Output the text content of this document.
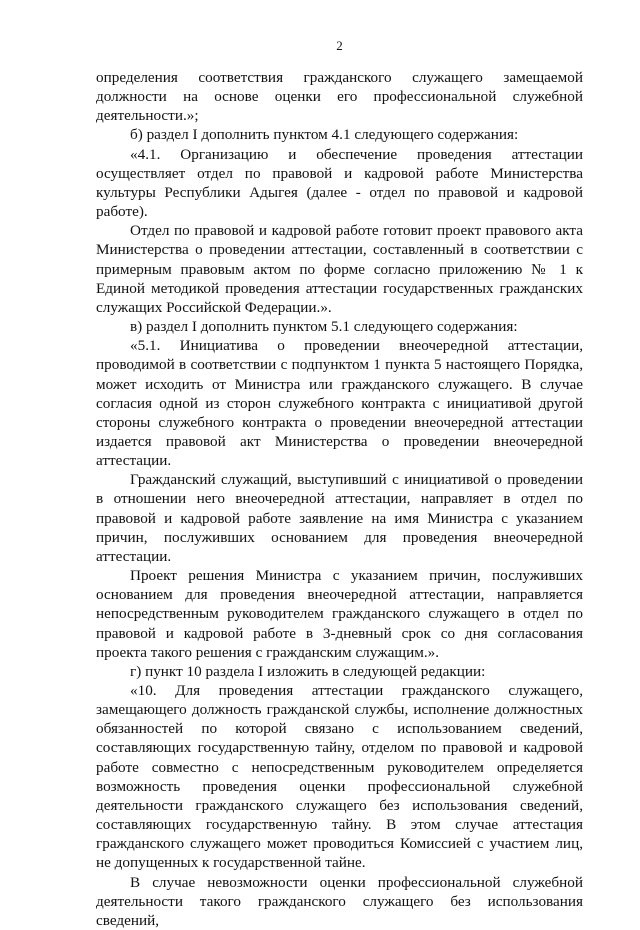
2

определения соответствия гражданского служащего замещаемой должности на основе оценки его профессиональной служебной деятельности.»;

б) раздел I дополнить пунктом 4.1 следующего содержания:

«4.1. Организацию и обеспечение проведения аттестации осуществляет отдел по правовой и кадровой работе Министерства культуры Республики Адыгея (далее - отдел по правовой и кадровой работе).

Отдел по правовой и кадровой работе готовит проект правового акта Министерства о проведении аттестации, составленный в соответствии с примерным правовым актом по форме согласно приложению № 1 к Единой методикой проведения аттестации государственных гражданских служащих Российской Федерации.».

в) раздел I дополнить пунктом 5.1 следующего содержания:

«5.1. Инициатива о проведении внеочередной аттестации, проводимой в соответствии с подпунктом 1 пункта 5 настоящего Порядка, может исходить от Министра или гражданского служащего. В случае согласия одной из сторон служебного контракта с инициативой другой стороны служебного контракта о проведении внеочередной аттестации издается правовой акт Министерства о проведении внеочередной аттестации.

Гражданский служащий, выступивший с инициативой о проведении в отношении него внеочередной аттестации, направляет в отдел по правовой и кадровой работе заявление на имя Министра с указанием причин, послуживших основанием для проведения внеочередной аттестации.

Проект решения Министра с указанием причин, послуживших основанием для проведения внеочередной аттестации, направляется непосредственным руководителем гражданского служащего в отдел по правовой и кадровой работе в 3-дневный срок со дня согласования проекта такого решения с гражданским служащим.».

г) пункт 10 раздела I изложить в следующей редакции:

«10. Для проведения аттестации гражданского служащего, замещающего должность гражданской службы, исполнение должностных обязанностей по которой связано с использованием сведений, составляющих государственную тайну, отделом по правовой и кадровой работе совместно с непосредственным руководителем определяется возможность проведения оценки профессиональной служебной деятельности гражданского служащего без использования сведений, составляющих государственную тайну. В этом случае аттестация гражданского служащего может проводиться Комиссией с участием лиц, не допущенных к государственной тайне.

В случае невозможности оценки профессиональной служебной деятельности такого гражданского служащего без использования сведений,
